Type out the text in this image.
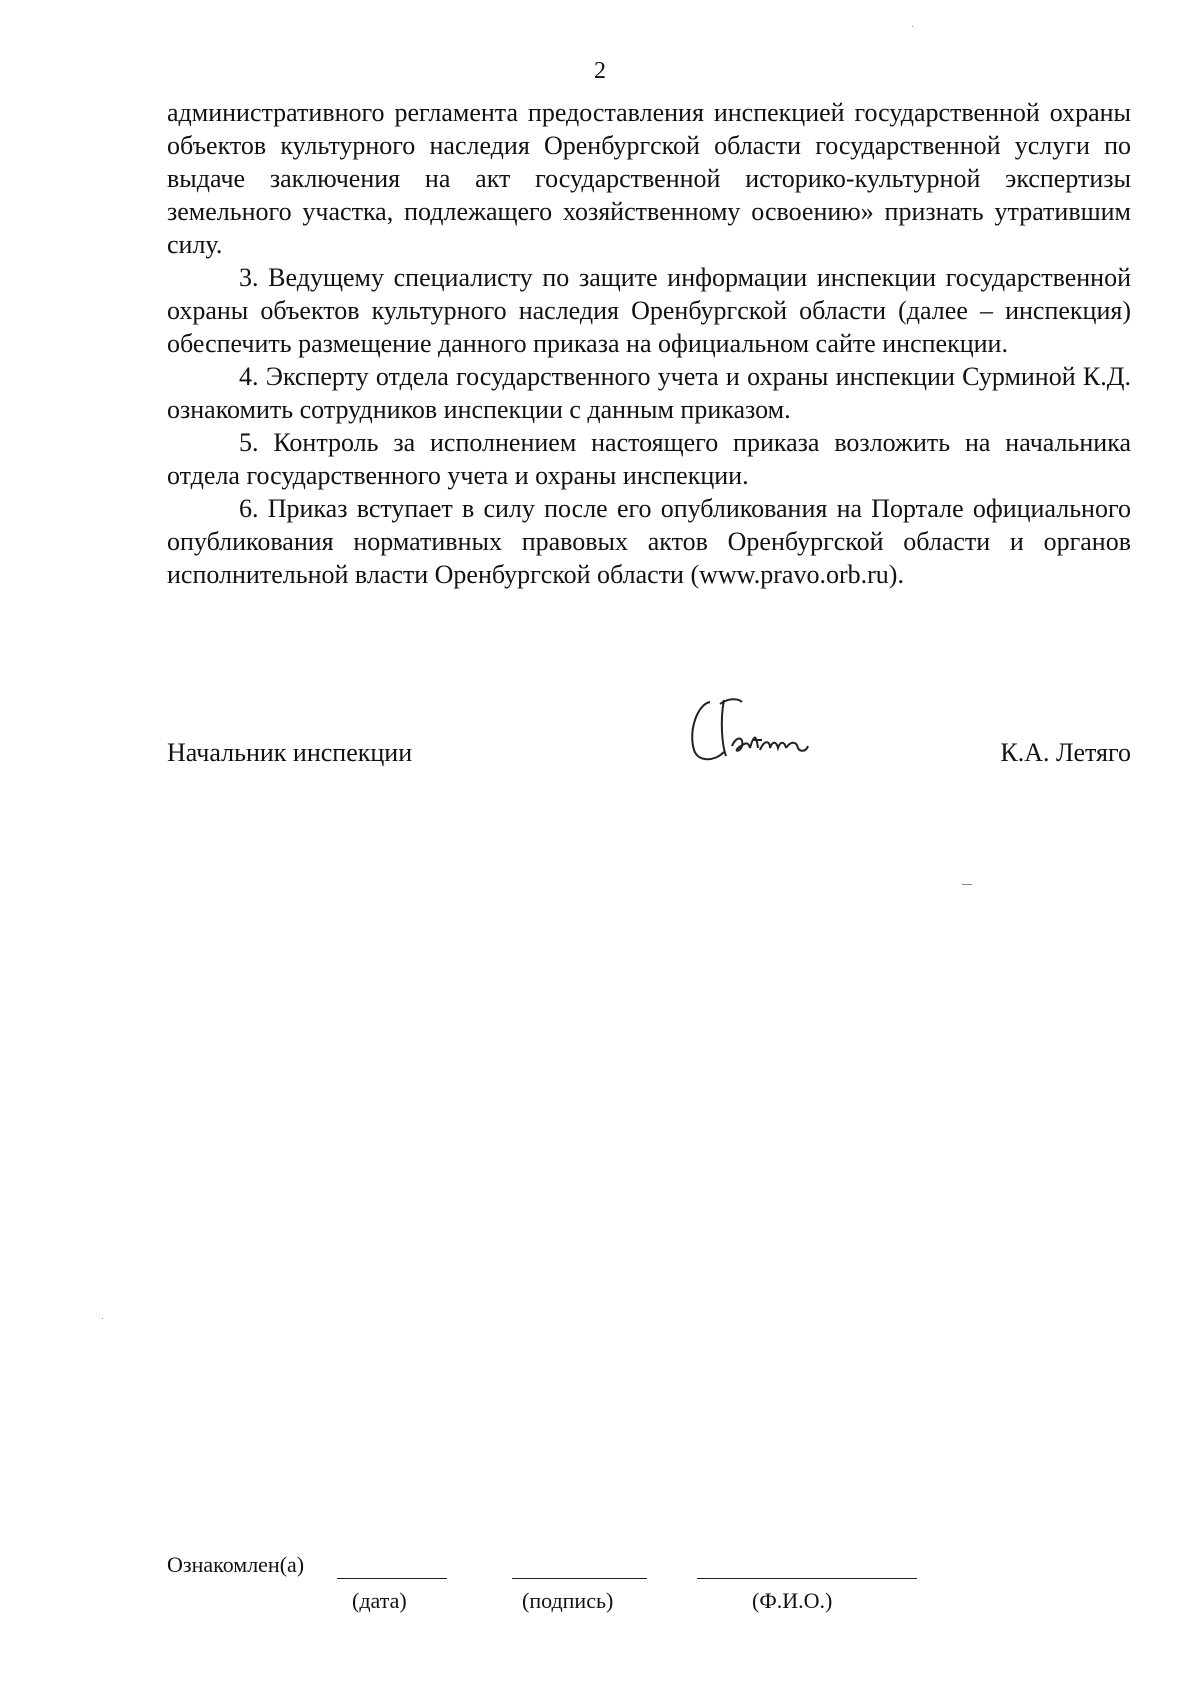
2

административного регламента предоставления инспекцией государственной охраны объектов культурного наследия Оренбургской области государственной услуги по выдаче заключения на акт государственной историко-культурной экспертизы земельного участка, подлежащего хозяйственному освоению» признать утратившим силу.

3. Ведущему специалисту по защите информации инспекции государственной охраны объектов культурного наследия Оренбургской области (далее – инспекция) обеспечить размещение данного приказа на официальном сайте инспекции.

4. Эксперту отдела государственного учета и охраны инспекции Сурминой К.Д. ознакомить сотрудников инспекции с данным приказом.

5. Контроль за исполнением настоящего приказа возложить на начальника отдела государственного учета и охраны инспекции.

6. Приказ вступает в силу после его опубликования на Портале официального опубликования нормативных правовых актов Оренбургской области и органов исполнительной власти Оренбургской области (www.pravo.orb.ru).

Начальник инспекции	К.А. Летяго
Ознакомлен(а)
(дата)	(подпись)	(Ф.И.О.)
